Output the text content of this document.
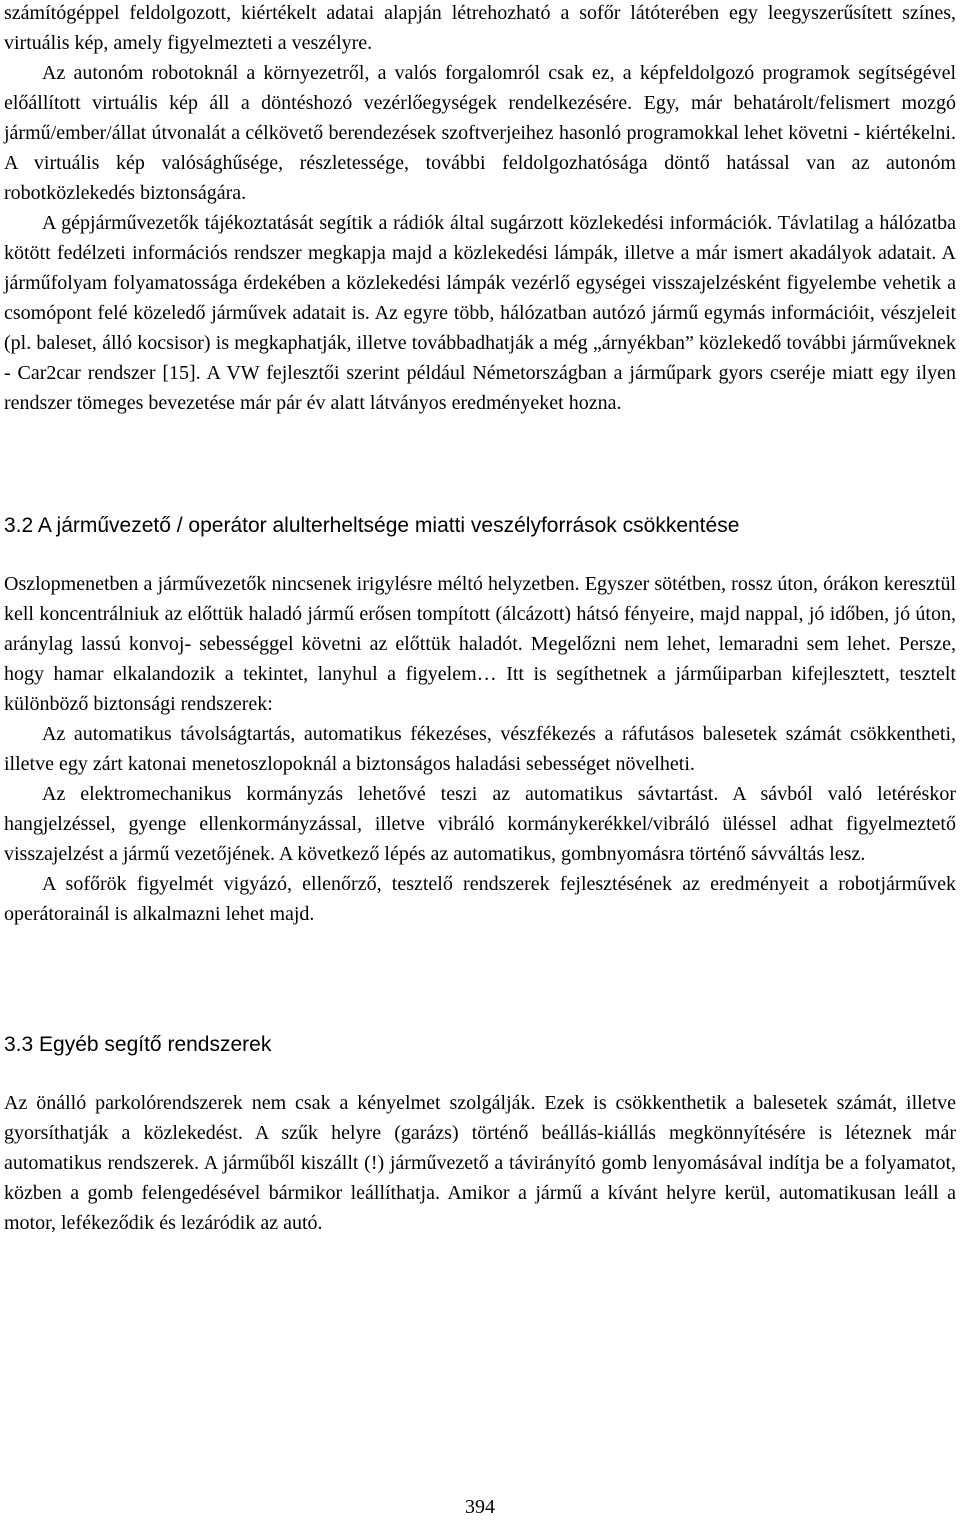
számítógéppel feldolgozott, kiértékelt adatai alapján létrehozható a sofőr látóterében egy leegyszerűsített színes, virtuális kép, amely figyelmezteti a veszélyre.

Az autonóm robotoknál a környezetről, a valós forgalomról csak ez, a képfeldolgozó programok segítségével előállított virtuális kép áll a döntéshozó vezérlőegységek rendelkezésére. Egy, már behatárolt/felismert mozgó jármű/ember/állat útvonalát a célkövető berendezések szoftverjeihez hasonló programokkal lehet követni - kiértékelni. A virtuális kép valósághűsége, részletessége, további feldolgozhatósága döntő hatással van az autonóm robotközlekedés biztonságára.

A gépjárművezetők tájékoztatását segítik a rádiók által sugárzott közlekedési információk. Távlatilag a hálózatba kötött fedélzeti információs rendszer megkapja majd a közlekedési lámpák, illetve a már ismert akadályok adatait. A járműfolyam folyamatossága érdekében a közlekedési lámpák vezérlő egységei visszajelzésként figyelembe vehetik a csomópont felé közeledő járművek adatait is. Az egyre több, hálózatban autózó jármű egymás információit, vészjeleit (pl. baleset, álló kocsisor) is megkaphatják, illetve továbbadhatják a még „árnyékban” közlekedő további járműveknek - Car2car rendszer [15]. A VW fejlesztői szerint például Németországban a járműpark gyors cseréje miatt egy ilyen rendszer tömeges bevezetése már pár év alatt látványos eredményeket hozna.

3.2 A járművezető / operátor alulterheltsége miatti veszélyforrások csökkentése

Oszlopmenetben a járművezetők nincsenek irigylésre méltó helyzetben. Egyszer sötétben, rossz úton, órákon keresztül kell koncentrálniuk az előttük haladó jármű erősen tompított (álcázott) hátsó fényeire, majd nappal, jó időben, jó úton, aránylag lassú konvoj- sebességgel követni az előttük haladót. Megelőzni nem lehet, lemaradni sem lehet. Persze, hogy hamar elkalandozik a tekintet, lanyhul a figyelem… Itt is segíthetnek a járműiparban kifejlesztett, tesztelt különböző biztonsági rendszerek:

Az automatikus távolságtartás, automatikus fékezéses, vészfékezés a ráfutásos balesetek számát csökkentheti, illetve egy zárt katonai menetoszlopoknál a biztonságos haladási sebességet növelheti.

Az elektromechanikus kormányzás lehetővé teszi az automatikus sávtartást. A sávból való letéréskor hangjelzéssel, gyenge ellenkormányzással, illetve vibráló kormánykerékkel/vibráló üléssel adhat figyelmeztető visszajelzést a jármű vezetőjének. A következő lépés az automatikus, gombnyomásra történő sávváltás lesz.

A sofőrök figyelmét vigyázó, ellenőrző, tesztelő rendszerek fejlesztésének az eredményeit a robotjárművek operátorainál is alkalmazni lehet majd.

3.3 Egyéb segítő rendszerek

Az önálló parkolórendszerek nem csak a kényelmet szolgálják. Ezek is csökkenthetik a balesetek számát, illetve gyorsíthatják a közlekedést. A szűk helyre (garázs) történő beállás-kiállás megkönnyítésére is léteznek már automatikus rendszerek. A járműből kiszállt (!) járművezető a távirányító gomb lenyomásával indítja be a folyamatot, közben a gomb felengedésével bármikor leállíthatja. Amikor a jármű a kívánt helyre kerül, automatikusan leáll a motor, lefékeződik és lezáródik az autó.

394
